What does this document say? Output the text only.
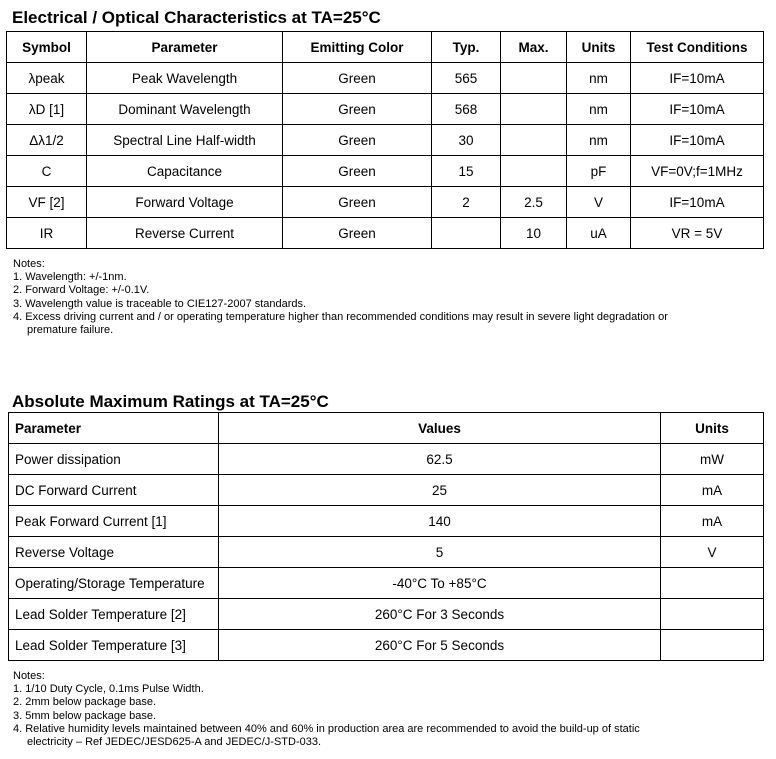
Electrical / Optical Characteristics at TA=25°C
Symbol	Parameter	Emitting Color	Typ.	Max.	Units	Test Conditions
λpeak	Peak Wavelength	Green	565		nm	IF=10mA
λD [1]	Dominant Wavelength	Green	568		nm	IF=10mA
Δλ1/2	Spectral Line Half-width	Green	30		nm	IF=10mA
C	Capacitance	Green	15		pF	VF=0V;f=1MHz
VF [2]	Forward Voltage	Green	2	2.5	V	IF=10mA
IR	Reverse Current	Green		10	uA	VR = 5V
Notes:
1. Wavelength: +/-1nm.
2. Forward Voltage: +/-0.1V.
3. Wavelength value is traceable to CIE127-2007 standards.
4. Excess driving current and / or operating temperature higher than recommended conditions may result in severe light degradation or
premature failure.
Absolute Maximum Ratings at TA=25°C
Parameter	Values	Units
Power dissipation	62.5	mW
DC Forward Current	25	mA
Peak Forward Current [1]	140	mA
Reverse Voltage	5	V
Operating/Storage Temperature	-40°C To +85°C	
Lead Solder Temperature [2]	260°C For 3 Seconds	
Lead Solder Temperature [3]	260°C For 5 Seconds	
Notes:
1. 1/10 Duty Cycle, 0.1ms Pulse Width.
2. 2mm below package base.
3. 5mm below package base.
4. Relative humidity levels maintained between 40% and 60% in production area are recommended to avoid the build-up of static
electricity – Ref JEDEC/JESD625-A and JEDEC/J-STD-033.
